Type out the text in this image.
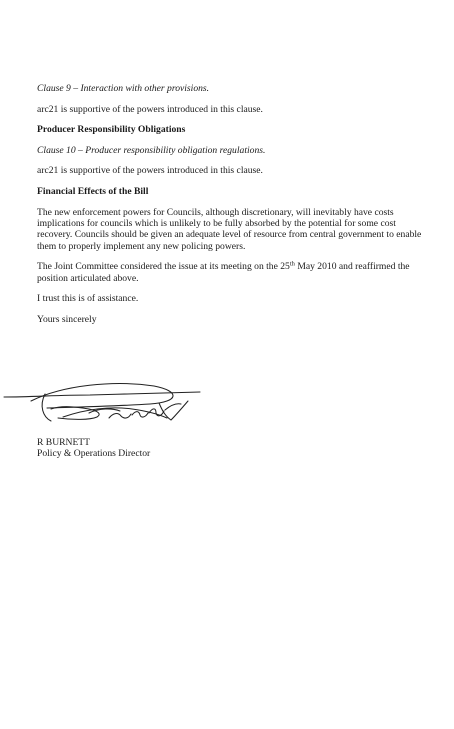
Clause 9 – Interaction with other provisions.

arc21 is supportive of the powers introduced in this clause.

Producer Responsibility Obligations

Clause 10 – Producer responsibility obligation regulations.

arc21 is supportive of the powers introduced in this clause.

Financial Effects of the Bill

The new enforcement powers for Councils, although discretionary, will inevitably have costs implications for councils which is unlikely to be fully absorbed by the potential for some cost recovery. Councils should be given an adequate level of resource from central government to enable them to properly implement any new policing powers.

The Joint Committee considered the issue at its meeting on the 25th May 2010 and reaffirmed the position articulated above.

I trust this is of assistance.

Yours sincerely

R BURNETT
Policy & Operations Director
